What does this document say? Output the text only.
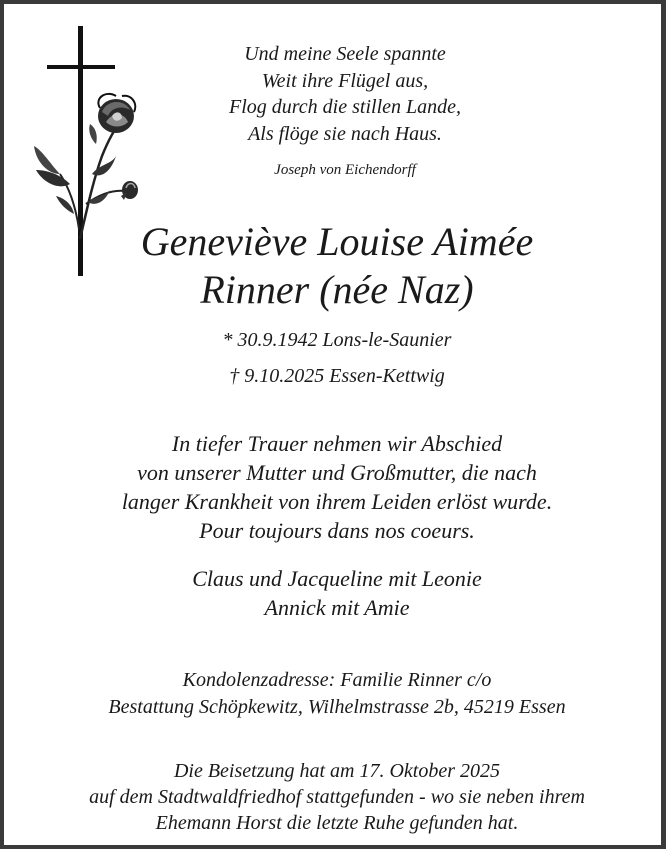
Und meine Seele spannte
Weit ihre Flügel aus,
Flog durch die stillen Lande,
Als flöge sie nach Haus.
Joseph von Eichendorff
Geneviève Louise Aimée
Rinner (née Naz)
* 30.9.1942 Lons-le-Saunier
† 9.10.2025 Essen-Kettwig
In tiefer Trauer nehmen wir Abschied
von unserer Mutter und Großmutter, die nach
langer Krankheit von ihrem Leiden erlöst wurde.
Pour toujours dans nos coeurs.
Claus und Jacqueline mit Leonie
Annick mit Amie
Kondolenzadresse: Familie Rinner c/o
Bestattung Schöpkewitz, Wilhelmstrasse 2b, 45219 Essen
Die Beisetzung hat am 17. Oktober 2025
auf dem Stadtwaldfriedhof stattgefunden - wo sie neben ihrem
Ehemann Horst die letzte Ruhe gefunden hat.
